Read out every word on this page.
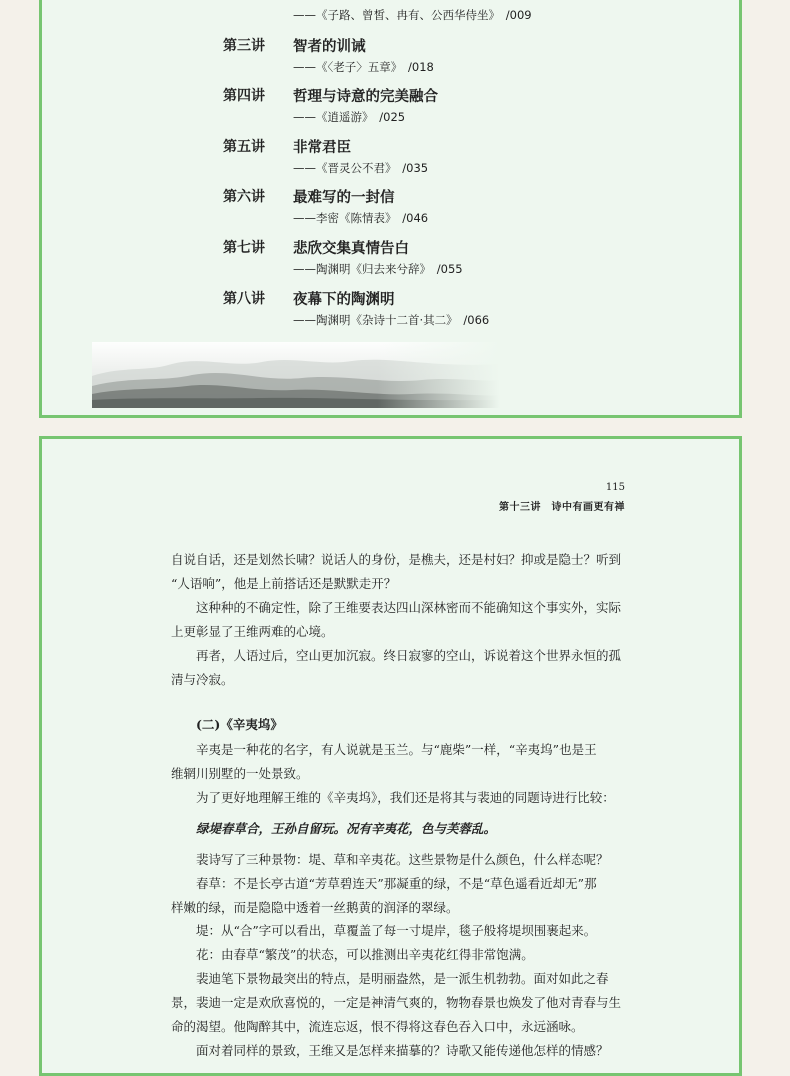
——《子路、曾皙、冉有、公西华侍坐》　/009
第三讲 智者的训诫
——《〈老子〉五章》　/018
第四讲 哲理与诗意的完美融合
——《逍遥游》　/025
第五讲 非常君臣
——《晋灵公不君》　/035
第六讲 最难写的一封信
——李密《陈情表》　/046
第七讲 悲欣交集真情告白
——陶渊明《归去来兮辞》　/055
第八讲 夜幕下的陶渊明
——陶渊明《杂诗十二首·其二》　/066
115
第十三讲　诗中有画更有禅
自说自话，还是划然长啸？说话人的身份，是樵夫，还是村妇？抑或是隐士？听到
“人语响”，他是上前搭话还是默默走开？
　　这种种的不确定性，除了王维要表达四山深林密而不能确知这个事实外，实际
上更彰显了王维两难的心境。
　　再者，人语过后，空山更加沉寂。终日寂寥的空山，诉说着这个世界永恒的孤
清与冷寂。
　　(二)《辛夷坞》
　　辛夷是一种花的名字，有人说就是玉兰。与“鹿柴”一样，“辛夷坞”也是王
维辋川别墅的一处景致。
　　为了更好地理解王维的《辛夷坞》，我们还是将其与裴迪的同题诗进行比较：
　　绿堤春草合，王孙自留玩。况有辛夷花，色与芙蓉乱。
　　裴诗写了三种景物：堤、草和辛夷花。这些景物是什么颜色，什么样态呢？
　　春草：不是长亭古道“芳草碧连天”那凝重的绿，不是“草色遥看近却无”那
样嫩的绿，而是隐隐中透着一丝鹅黄的润泽的翠绿。
　　堤：从“合”字可以看出，草覆盖了每一寸堤岸，毯子般将堤坝围裹起来。
　　花：由春草“繁茂”的状态，可以推测出辛夷花红得非常饱满。
　　裴迪笔下景物最突出的特点，是明丽盎然，是一派生机勃勃。面对如此之春
景，裴迪一定是欢欣喜悦的，一定是神清气爽的，物物春景也焕发了他对青春与生
命的渴望。他陶醉其中，流连忘返，恨不得将这春色吞入口中，永远涵咏。
　　面对着同样的景致，王维又是怎样来描摹的？诗歌又能传递他怎样的情感？
